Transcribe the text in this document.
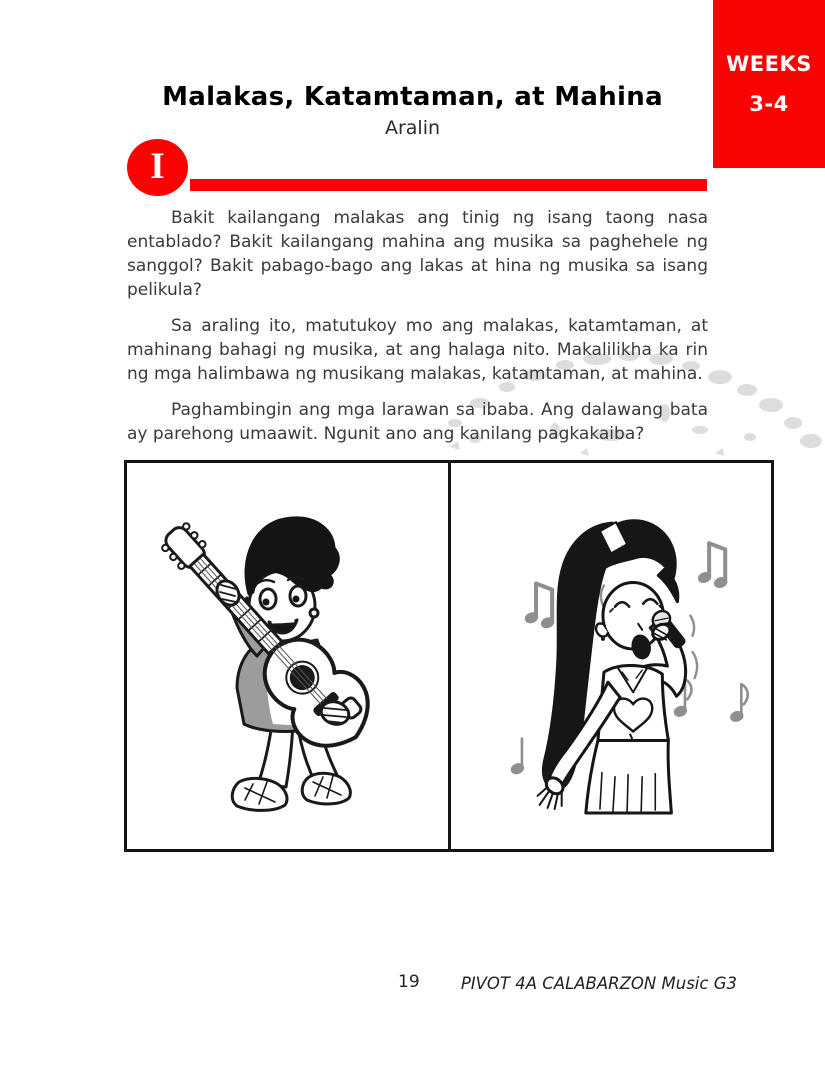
WEEKS
3-4
Malakas, Katamtaman, at Mahina
Aralin
I

Bakit kailangang malakas ang tinig ng isang taong nasa entablado? Bakit kailangang mahina ang musika sa paghehele ng sanggol? Bakit pabago-bago ang lakas at hina ng musika sa isang pelikula?

Sa araling ito, matutukoy mo ang malakas, katamtaman, at mahinang bahagi ng musika, at ang halaga nito. Makalilikha ka rin ng mga halimbawa ng musikang malakas, katamtaman, at mahina.

Paghambingin ang mga larawan sa ibaba. Ang dalawang bata ay parehong umaawit. Ngunit ano ang kanilang pagkakaiba?

19 PIVOT 4A CALABARZON Music G3
